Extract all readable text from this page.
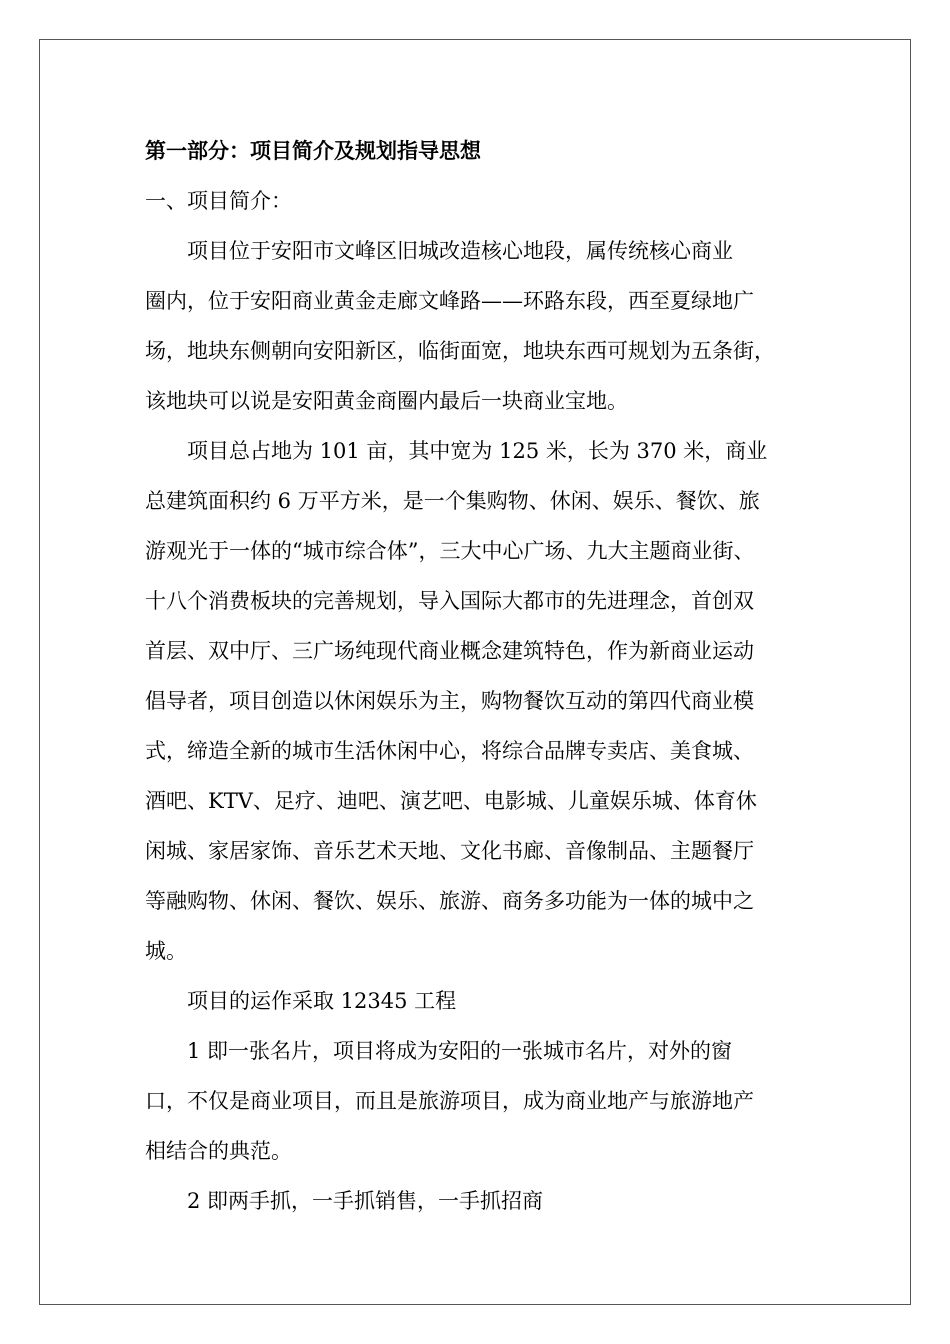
第一部分：项目简介及规划指导思想
一、项目简介：
　　项目位于安阳市文峰区旧城改造核心地段，属传统核心商业
圈内，位于安阳商业黄金走廊文峰路——环路东段，西至夏绿地广
场，地块东侧朝向安阳新区，临街面宽，地块东西可规划为五条街，
该地块可以说是安阳黄金商圈内最后一块商业宝地。
　　项目总占地为 101 亩，其中宽为 125 米，长为 370 米，商业
总建筑面积约 6 万平方米，是一个集购物、休闲、娱乐、餐饮、旅
游观光于一体的“城市综合体”，三大中心广场、九大主题商业街、
十八个消费板块的完善规划，导入国际大都市的先进理念，首创双
首层、双中厅、三广场纯现代商业概念建筑特色，作为新商业运动
倡导者，项目创造以休闲娱乐为主，购物餐饮互动的第四代商业模
式，缔造全新的城市生活休闲中心，将综合品牌专卖店、美食城、
酒吧、KTV、足疗、迪吧、演艺吧、电影城、儿童娱乐城、体育休
闲城、家居家饰、音乐艺术天地、文化书廊、音像制品、主题餐厅
等融购物、休闲、餐饮、娱乐、旅游、商务多功能为一体的城中之
城。
　　项目的运作采取 12345 工程
　　1 即一张名片，项目将成为安阳的一张城市名片，对外的窗
口，不仅是商业项目，而且是旅游项目，成为商业地产与旅游地产
相结合的典范。
　　2 即两手抓，一手抓销售，一手抓招商
